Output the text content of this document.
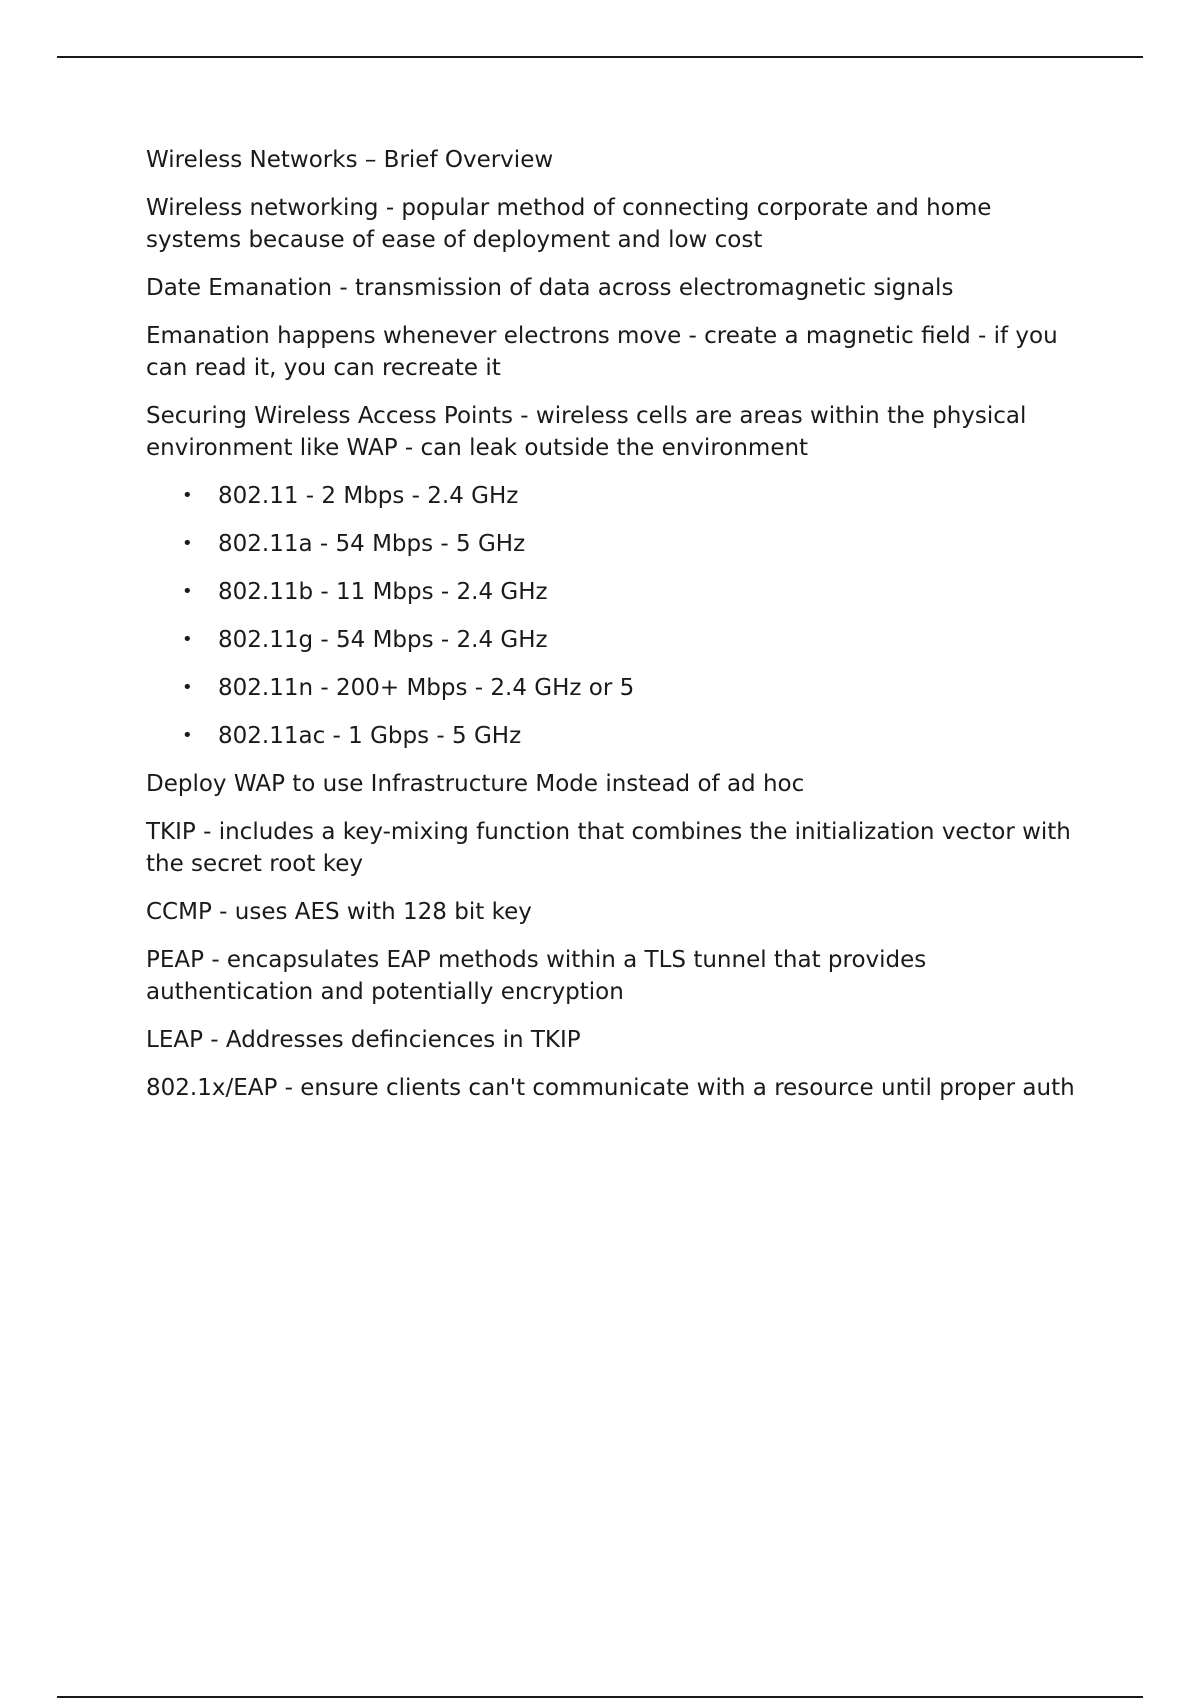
Wireless Networks – Brief Overview

Wireless networking - popular method of connecting corporate and home systems because of ease of deployment and low cost

Date Emanation - transmission of data across electromagnetic signals

Emanation happens whenever electrons move - create a magnetic field - if you can read it, you can recreate it

Securing Wireless Access Points - wireless cells are areas within the physical environment like WAP - can leak outside the environment

• 802.11 - 2 Mbps - 2.4 GHz
• 802.11a - 54 Mbps - 5 GHz
• 802.11b - 11 Mbps - 2.4 GHz
• 802.11g - 54 Mbps - 2.4 GHz
• 802.11n - 200+ Mbps - 2.4 GHz or 5
• 802.11ac - 1 Gbps - 5 GHz

Deploy WAP to use Infrastructure Mode instead of ad hoc

TKIP - includes a key-mixing function that combines the initialization vector with the secret root key

CCMP - uses AES with 128 bit key

PEAP - encapsulates EAP methods within a TLS tunnel that provides authentication and potentially encryption

LEAP - Addresses definciences in TKIP

802.1x/EAP - ensure clients can't communicate with a resource until proper auth
